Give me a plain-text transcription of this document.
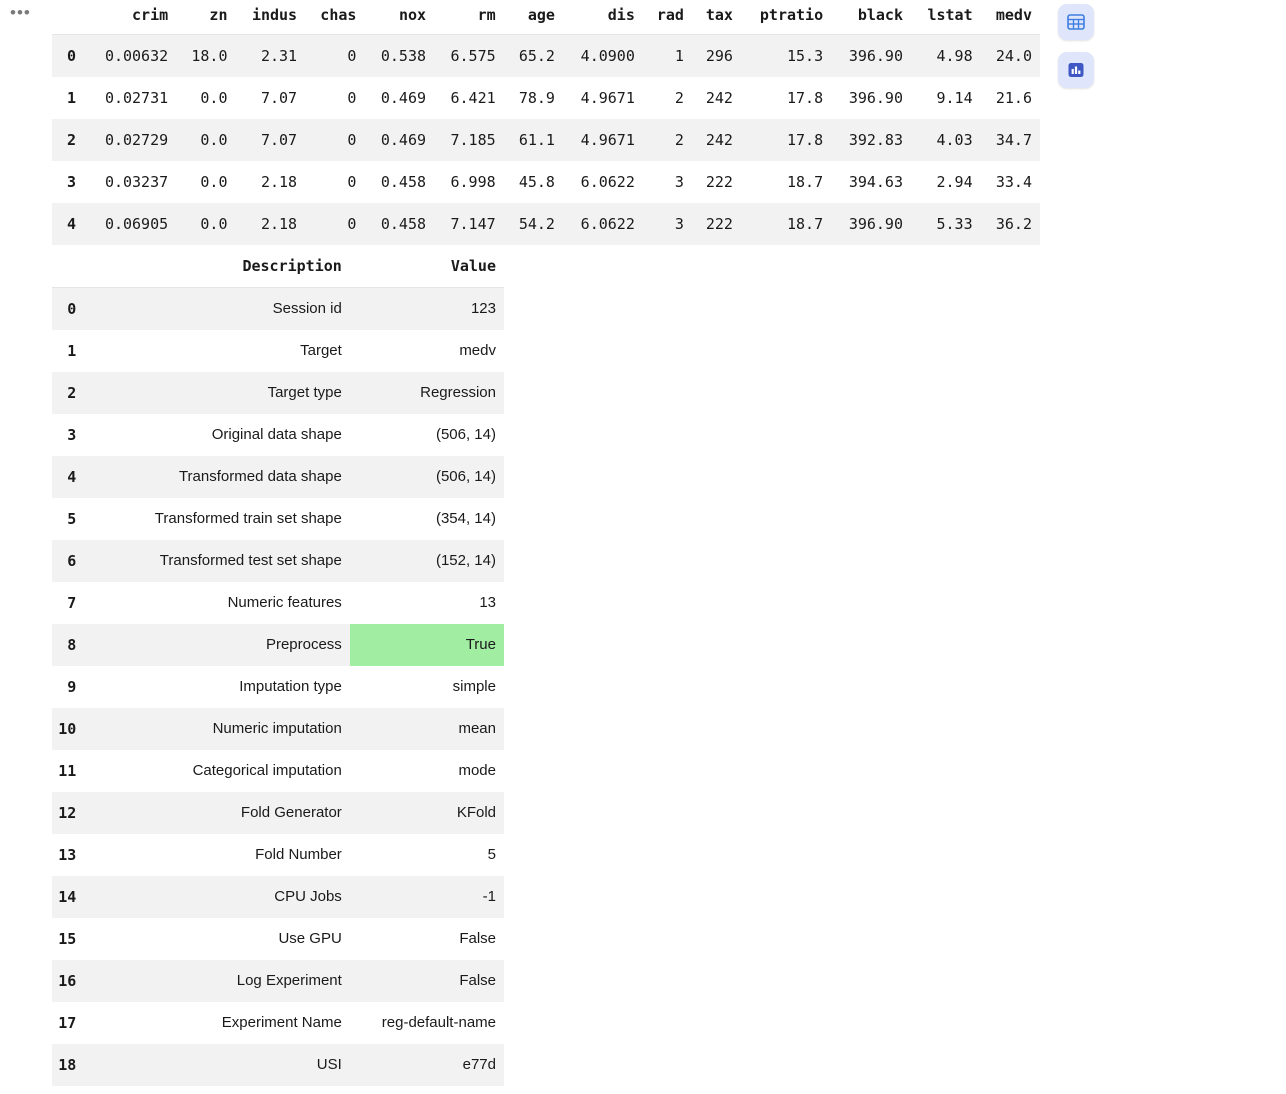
•••
		crim	zn	indus	chas	nox	rm	age	dis	rad	tax	ptratio	black	lstat	medv
0	0.00632	18.0	2.31	0	0.538	6.575	65.2	4.0900	1	296	15.3	396.90	4.98	24.0
1	0.02731	0.0	7.07	0	0.469	6.421	78.9	4.9671	2	242	17.8	396.90	9.14	21.6
2	0.02729	0.0	7.07	0	0.469	7.185	61.1	4.9671	2	242	17.8	392.83	4.03	34.7
3	0.03237	0.0	2.18	0	0.458	6.998	45.8	6.0622	3	222	18.7	394.63	2.94	33.4
4	0.06905	0.0	2.18	0	0.458	7.147	54.2	6.0622	3	222	18.7	396.90	5.33	36.2
	Description	Value
0	Session id	123
1	Target	medv
2	Target type	Regression
3	Original data shape	(506, 14)
4	Transformed data shape	(506, 14)
5	Transformed train set shape	(354, 14)
6	Transformed test set shape	(152, 14)
7	Numeric features	13
8	Preprocess	True
9	Imputation type	simple
10	Numeric imputation	mean
11	Categorical imputation	mode
12	Fold Generator	KFold
13	Fold Number	5
14	CPU Jobs	-1
15	Use GPU	False
16	Log Experiment	False
17	Experiment Name	reg-default-name
18	USI	e77d
